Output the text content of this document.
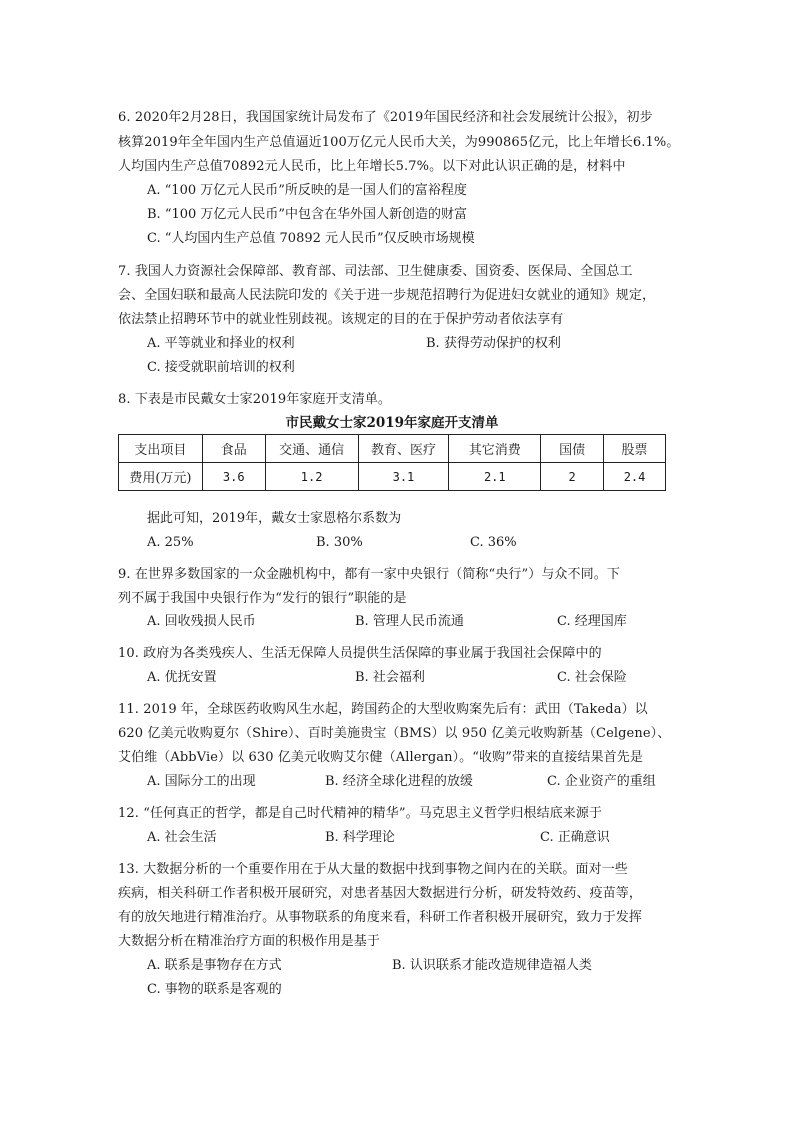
6. 2020年2月28日，我国国家统计局发布了《2019年国民经济和社会发展统计公报》，初步
核算2019年全年国内生产总值逼近100万亿元人民币大关，为990865亿元，比上年增长6.1%。
人均国内生产总值70892元人民币，比上年增长5.7%。以下对此认识正确的是，材料中
A. “100 万亿元人民币”所反映的是一国人们的富裕程度
B. “100 万亿元人民币”中包含在华外国人新创造的财富
C. “人均国内生产总值 70892 元人民币”仅反映市场规模
7. 我国人力资源社会保障部、教育部、司法部、卫生健康委、国资委、医保局、全国总工
会、全国妇联和最高人民法院印发的《关于进一步规范招聘行为促进妇女就业的通知》规定，
依法禁止招聘环节中的就业性别歧视。该规定的目的在于保护劳动者依法享有
A. 平等就业和择业的权利	B. 获得劳动保护的权利
C. 接受就职前培训的权利
8. 下表是市民戴女士家2019年家庭开支清单。
市民戴女士家2019年家庭开支清单
支出项目	食品	交通、通信	教育、医疗	其它消费	国债	股票
费用(万元)	3.6	1.2	3.1	2.1	2	2.4
据此可知，2019年，戴女士家恩格尔系数为
A. 25%	B. 30%	C. 36%
9. 在世界多数国家的一众金融机构中，都有一家中央银行（简称“央行”）与众不同。下
列不属于我国中央银行作为“发行的银行”职能的是
A. 回收残损人民币	B. 管理人民币流通	C. 经理国库
10. 政府为各类残疾人、生活无保障人员提供生活保障的事业属于我国社会保障中的
A. 优抚安置	B. 社会福利	C. 社会保险
11. 2019 年，全球医药收购风生水起，跨国药企的大型收购案先后有：武田（Takeda）以
620 亿美元收购夏尔（Shire）、百时美施贵宝（BMS）以 950 亿美元收购新基（Celgene）、
艾伯维（AbbVie）以 630 亿美元收购艾尔健（Allergan）。“收购”带来的直接结果首先是
A. 国际分工的出现	B. 经济全球化进程的放缓	C. 企业资产的重组
12. “任何真正的哲学，都是自己时代精神的精华”。马克思主义哲学归根结底来源于
A. 社会生活	B. 科学理论	C. 正确意识
13. 大数据分析的一个重要作用在于从大量的数据中找到事物之间内在的关联。面对一些
疾病，相关科研工作者积极开展研究，对患者基因大数据进行分析，研发特效药、疫苗等，
有的放矢地进行精准治疗。从事物联系的角度来看，科研工作者积极开展研究，致力于发挥
大数据分析在精准治疗方面的积极作用是基于
A. 联系是事物存在方式	B. 认识联系才能改造规律造福人类
C. 事物的联系是客观的
